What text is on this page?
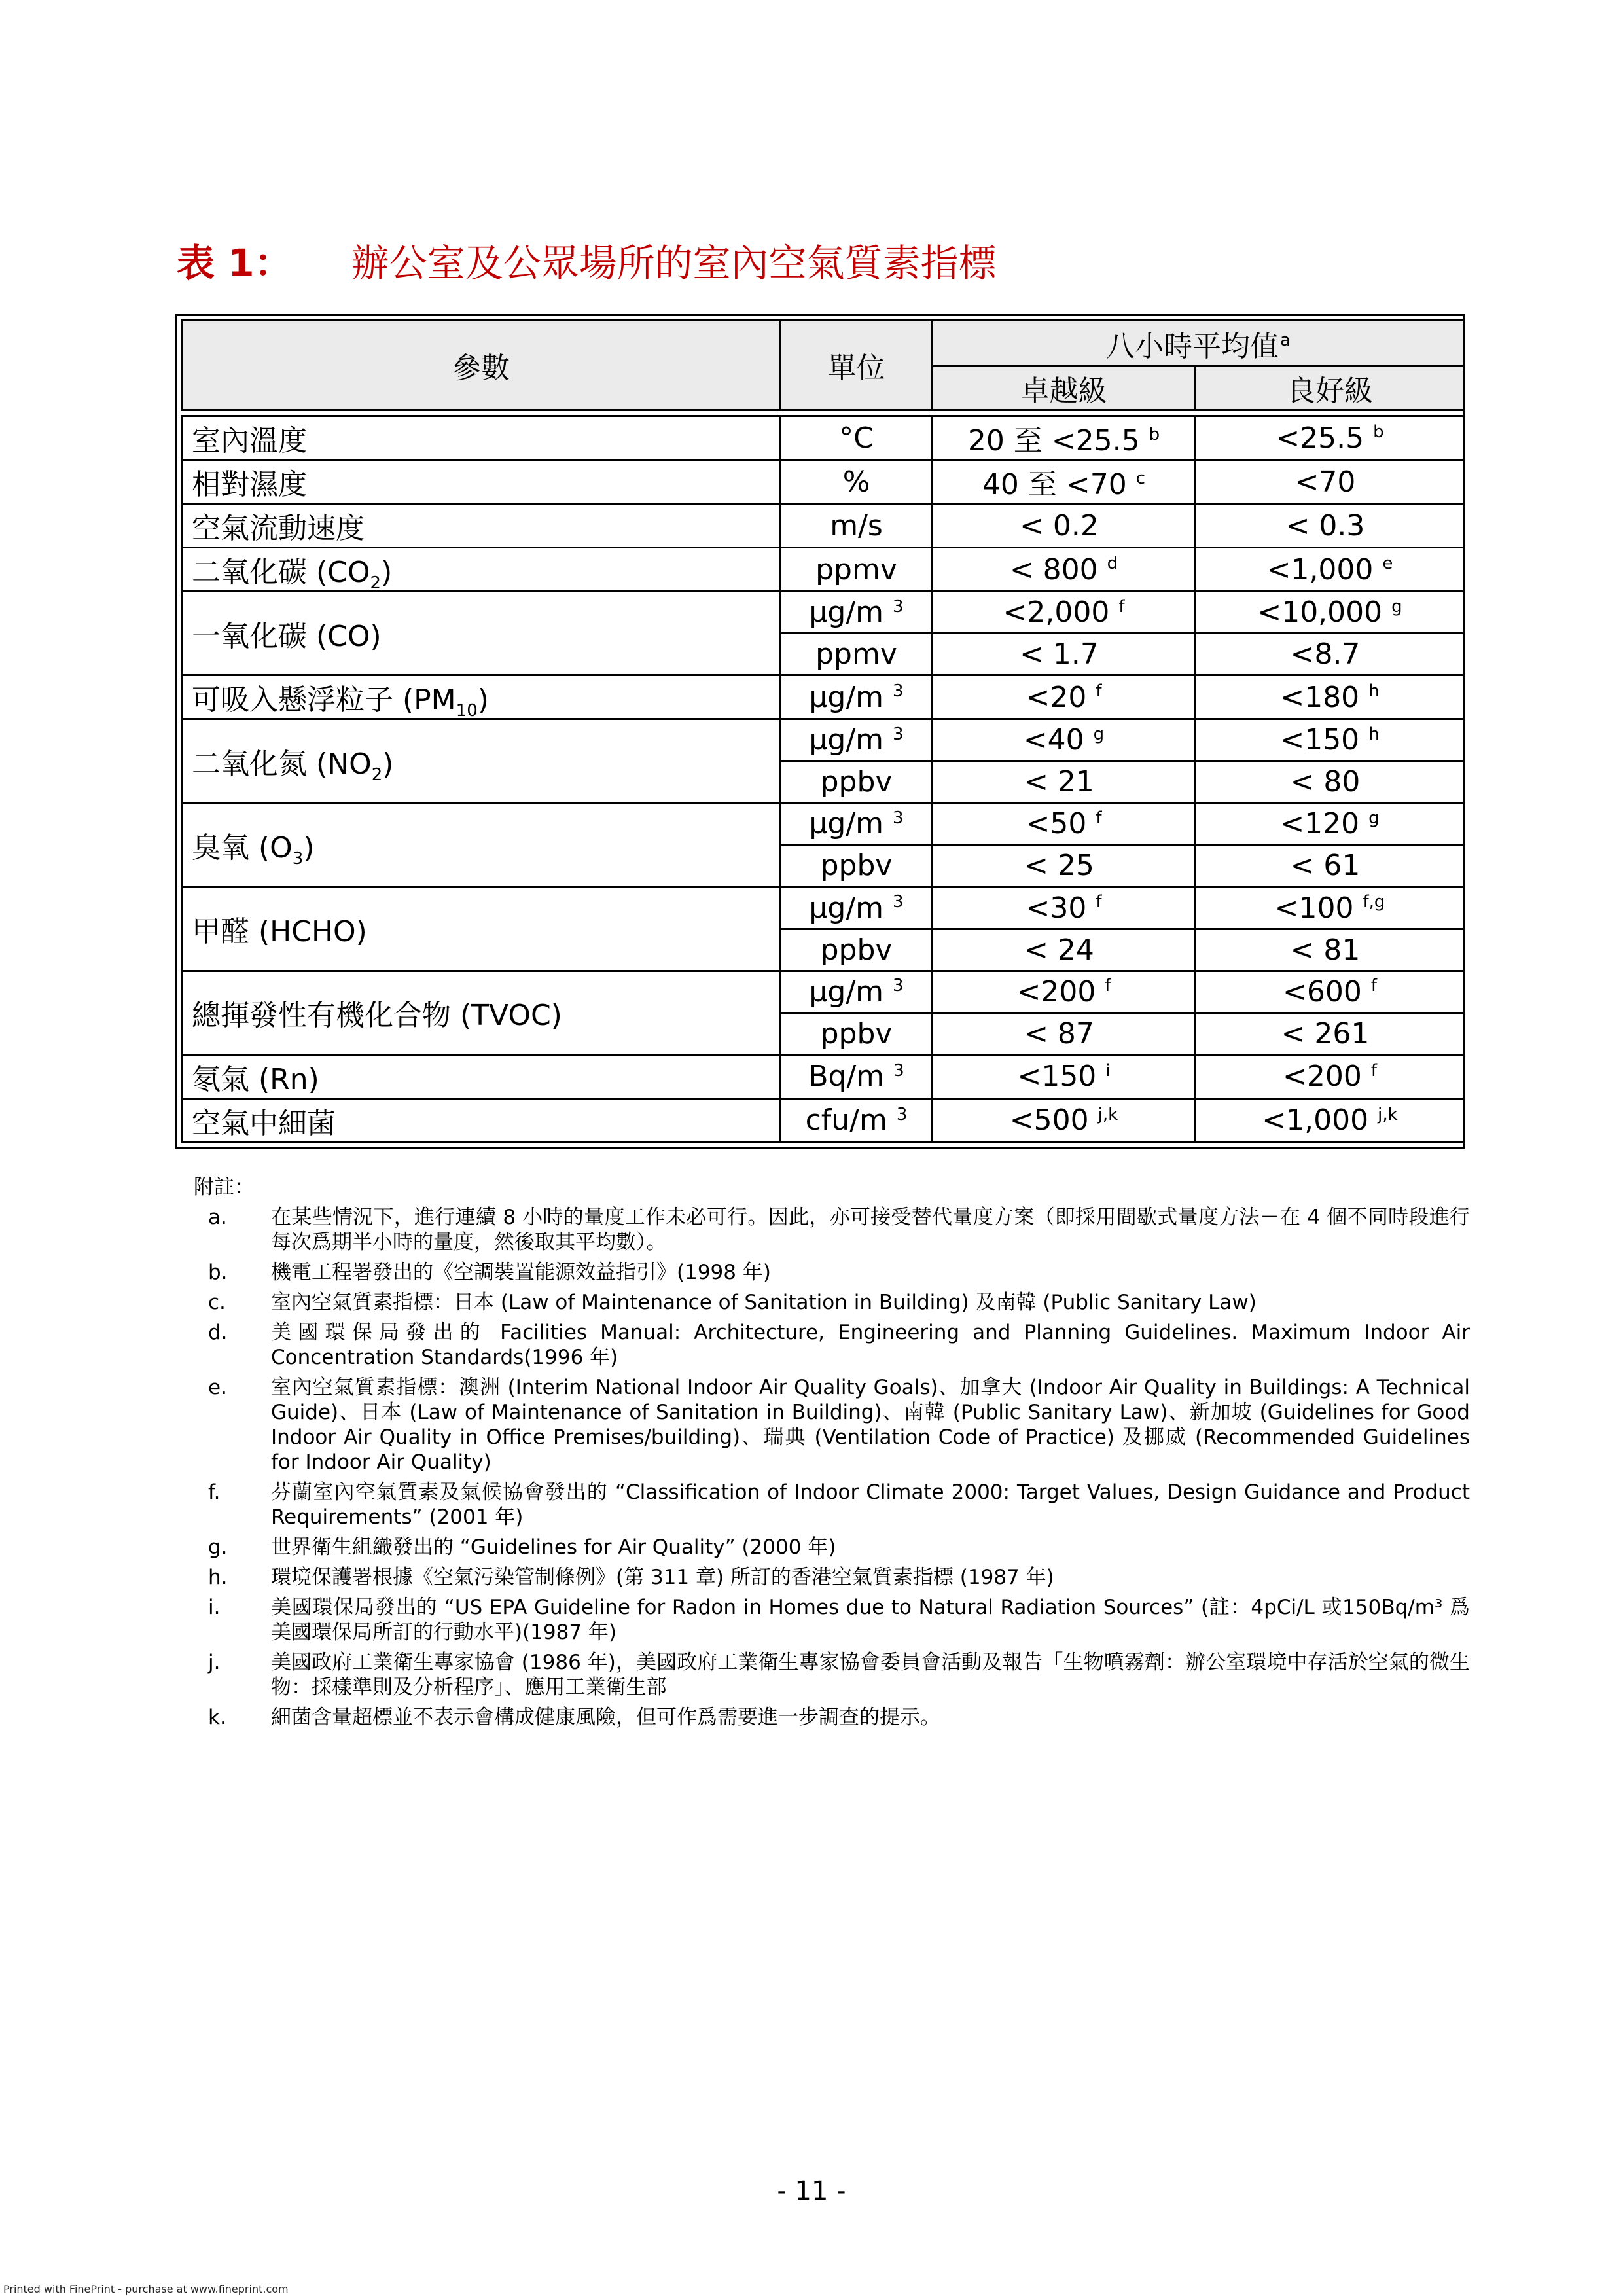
表 1： 辦公室及公眾場所的室內空氣質素指標
參數	單位	八小時平均值$^a$
		卓越級	良好級

室內溫度	°C	20 至 <25.5 $^b$	<25.5 $^b$
相對濕度	%	40 至 <70 $^c$	<70
空氣流動速度	m/s	< 0.2	< 0.3
二氧化碳 $(CO_2)$	ppmv	< 800 $^d$	<1,000 $^e$
一氧化碳 (CO)	µg/m $^3$	<2,000 $^f$	<10,000 $^g$
	ppmv	< 1.7	<8.7
可吸入懸浮粒子 $(PM_{10})$	µg/m $^3$	<20 $^f$	<180 $^h$
二氧化氮 $(NO_2)$	µg/m $^3$	<40 $^g$	<150 $^h$
	ppbv	< 21	< 80
臭氧 $(O_3)$	µg/m $^3$	<50 $^f$	<120 $^g$
	ppbv	< 25	< 61
甲醛 (HCHO)	µg/m $^3$	<30 $^f$	<100 $^{f,g}$
	ppbv	< 24	< 81
總揮發性有機化合物 (TVOC)	µg/m $^3$	<200 $^f$	<600 $^f$
	ppbv	< 87	< 261
氡氣 (Rn)	Bq/m $^3$	<150 $^i$	<200 $^f$
空氣中細菌	cfu/m $^3$	<500 $^{j,k}$	<1,000 $^{j,k}$
附註：
a.	在某些情況下，進行連續 8 小時的量度工作未必可行。因此，亦可接受替代量度方案（即採用間歇式量度方法－在 4 個不同時段進行每次爲期半小時的量度，然後取其平均數）。
b.	機電工程署發出的《空調裝置能源效益指引》(1998 年)
c.	室內空氣質素指標：日本 (Law of Maintenance of Sanitation in Building) 及南韓 (Public Sanitary Law)
d.	美國環保局發出的 Facilities Manual: Architecture, Engineering and Planning Guidelines. Maximum Indoor Air Concentration Standards(1996 年)
e.	室內空氣質素指標：澳洲 (Interim National Indoor Air Quality Goals)、加拿大 (Indoor Air Quality in Buildings: A Technical Guide)、日本 (Law of Maintenance of Sanitation in Building)、南韓 (Public Sanitary Law)、新加坡 (Guidelines for Good Indoor Air Quality in Office Premises/building)、瑞典 (Ventilation Code of Practice) 及挪威 (Recommended Guidelines for Indoor Air Quality)
f.	芬蘭室內空氣質素及氣候協會發出的 “Classification of Indoor Climate 2000: Target Values, Design Guidance and Product Requirements” (2001 年)
g.	世界衛生組織發出的 “Guidelines for Air Quality” (2000 年)
h.	環境保護署根據《空氣污染管制條例》(第 311 章) 所訂的香港空氣質素指標 (1987 年)
i.	美國環保局發出的 “US EPA Guideline for Radon in Homes due to Natural Radiation Sources” (註：4pCi/L 或150Bq/m³ 爲美國環保局所訂的行動水平)(1987 年)
j.	美國政府工業衛生專家協會 (1986 年)，美國政府工業衛生專家協會委員會活動及報告「生物噴霧劑：辦公室環境中存活於空氣的微生物：採樣準則及分析程序」、應用工業衛生部
k.	細菌含量超標並不表示會構成健康風險，但可作爲需要進一步調查的提示。
- 11 -
Printed with FinePrint - purchase at www.fineprint.com
